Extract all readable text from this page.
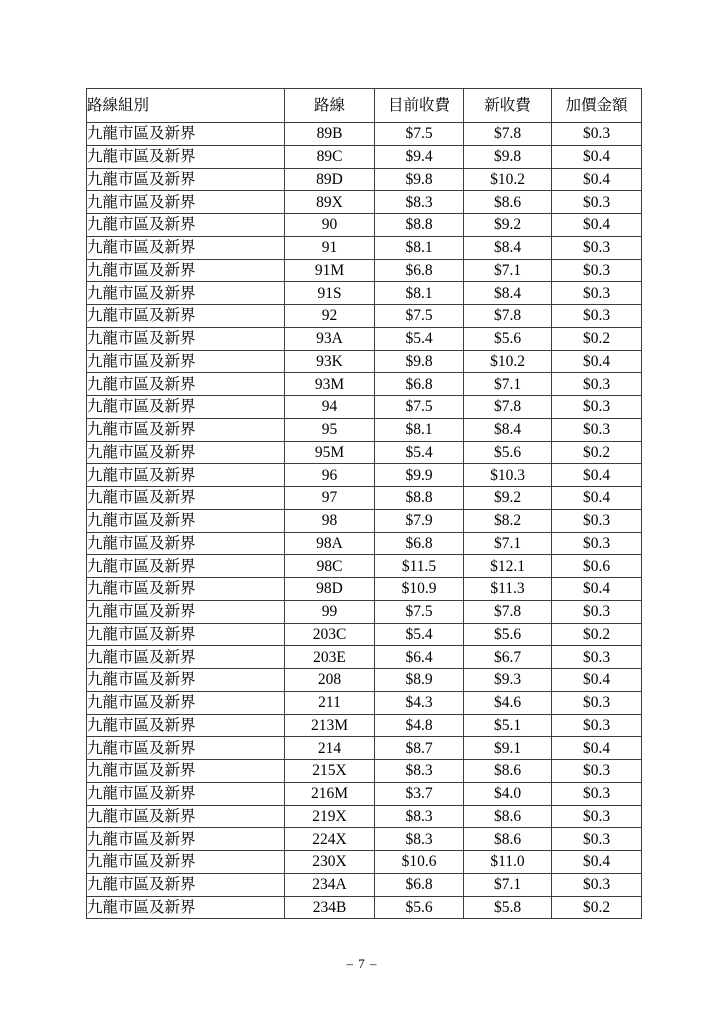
路線組別	路線	目前收費	新收費	加價金額
九龍市區及新界	89B	$7.5	$7.8	$0.3
九龍市區及新界	89C	$9.4	$9.8	$0.4
九龍市區及新界	89D	$9.8	$10.2	$0.4
九龍市區及新界	89X	$8.3	$8.6	$0.3
九龍市區及新界	90	$8.8	$9.2	$0.4
九龍市區及新界	91	$8.1	$8.4	$0.3
九龍市區及新界	91M	$6.8	$7.1	$0.3
九龍市區及新界	91S	$8.1	$8.4	$0.3
九龍市區及新界	92	$7.5	$7.8	$0.3
九龍市區及新界	93A	$5.4	$5.6	$0.2
九龍市區及新界	93K	$9.8	$10.2	$0.4
九龍市區及新界	93M	$6.8	$7.1	$0.3
九龍市區及新界	94	$7.5	$7.8	$0.3
九龍市區及新界	95	$8.1	$8.4	$0.3
九龍市區及新界	95M	$5.4	$5.6	$0.2
九龍市區及新界	96	$9.9	$10.3	$0.4
九龍市區及新界	97	$8.8	$9.2	$0.4
九龍市區及新界	98	$7.9	$8.2	$0.3
九龍市區及新界	98A	$6.8	$7.1	$0.3
九龍市區及新界	98C	$11.5	$12.1	$0.6
九龍市區及新界	98D	$10.9	$11.3	$0.4
九龍市區及新界	99	$7.5	$7.8	$0.3
九龍市區及新界	203C	$5.4	$5.6	$0.2
九龍市區及新界	203E	$6.4	$6.7	$0.3
九龍市區及新界	208	$8.9	$9.3	$0.4
九龍市區及新界	211	$4.3	$4.6	$0.3
九龍市區及新界	213M	$4.8	$5.1	$0.3
九龍市區及新界	214	$8.7	$9.1	$0.4
九龍市區及新界	215X	$8.3	$8.6	$0.3
九龍市區及新界	216M	$3.7	$4.0	$0.3
九龍市區及新界	219X	$8.3	$8.6	$0.3
九龍市區及新界	224X	$8.3	$8.6	$0.3
九龍市區及新界	230X	$10.6	$11.0	$0.4
九龍市區及新界	234A	$6.8	$7.1	$0.3
九龍市區及新界	234B	$5.6	$5.8	$0.2
– 7 –
